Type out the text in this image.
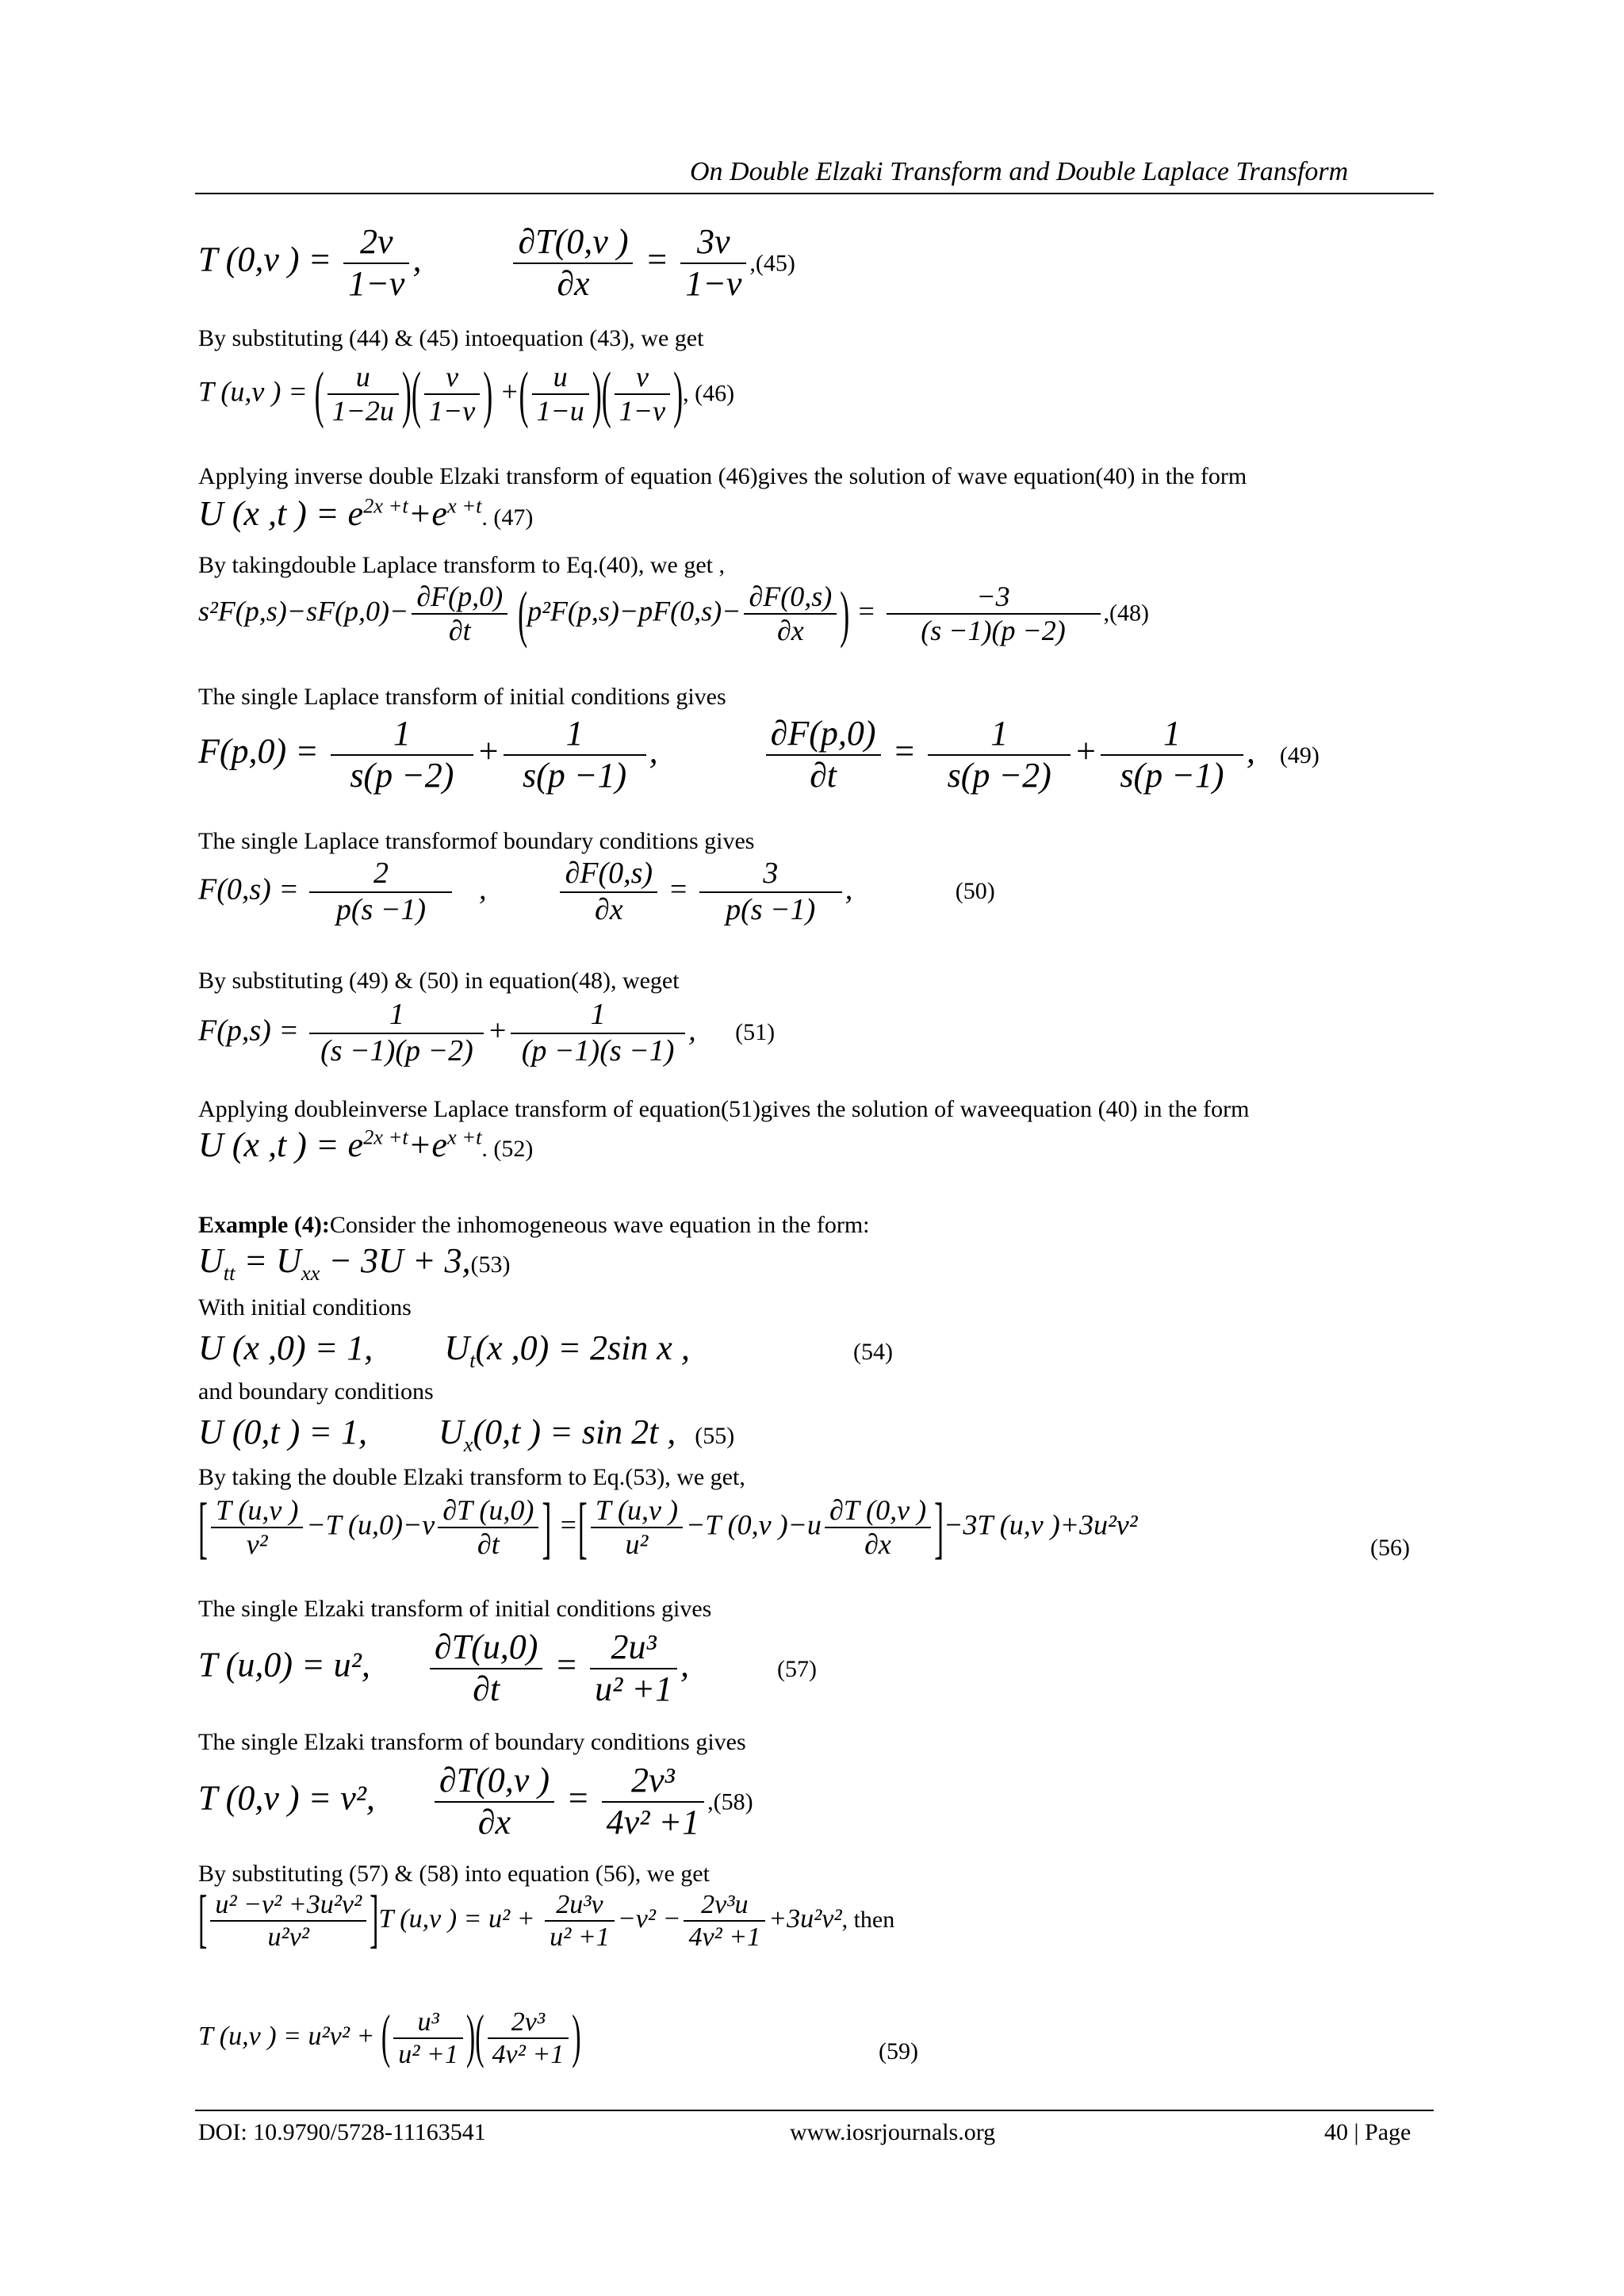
On Double Elzaki Transform and Double Laplace Transform
T (0,v ) = $\frac{2v}{1-v}$ , $\frac{\partial T(0,v )}{\partial x} = \frac{3v}{1-v} ,(45)$
By substituting (44) & (45) intoequation (43), we get
T (u,v ) = ( $\frac{u}{1-2u}$ )( $\frac{v}{1-v}$ ) +( $\frac{u}{1-u}$ )( $\frac{v}{1-v}$ ), (46)
Applying inverse double Elzaki transform of equation (46)gives the solution of wave equation(40) in the form
U (x ,t ) = $e^{2x +t}+e^{x +t}$. (47)
By takingdouble Laplace transform to Eq.(40), we get ,
$s^2F(p,s)-sF(p,0)- \frac{\partial F(p,0)}{\partial t} (p^2F(p,s)-pF(0,s)- \frac{\partial F(0,s)}{\partial x}$ ) = $\frac{-3}{(s -1)(p -2)} ,(48)$
The single Laplace transform of initial conditions gives
$F(p,0) = \frac{1}{s(p -2)} + \frac{1}{s(p -1)}$ ,	$\frac{\partial F(p,0)}{\partial t} = \frac{1}{s(p -2)} + \frac{1}{s(p -1)}$ , (49)
The single Laplace transformof boundary conditions gives
$F(0,s) = \frac{2}{p(s -1)}$ , $\frac{\partial F(0,s)}{\partial x} = \frac{3}{p(s -1)}$ ,	(50)
By substituting (49) & (50) in equation(48), weget
$F(p,s) = \frac{1}{(s -1)(p -2)} + \frac{1}{(p -1)(s -1)}$ , (51)
Applying doubleinverse Laplace transform of equation(51)gives the solution of waveequation (40) in the form
U (x ,t ) = $e^{2x +t}+e^{x +t}$. (52)
Example (4):Consider the inhomogeneous wave equation in the form:
$U_{tt} = U_{xx} - 3U + 3,(53)$
With initial conditions
U (x ,0) = 1, $U_t(x$ ,0) = 2sin x ,	(54)
and boundary conditions
U (0,t ) = 1, $U_x(0,t$ ) = sin 2t , (55)
By taking the double Elzaki transform to Eq.(53), we get,
[ $\frac{T (u,v )}{\text{v²}} -T$ $(u,0)-v \frac{\partial T (u,0)}{\partial t}$ ] =[ $\frac{T (u,v )}{\text{u²}} -T$ (0,v )$-u \frac{\partial T (0,v )}{\partial x} ]-3T$ (u,v )+3u²v²
(56)
The single Elzaki transform of initial conditions gives
T (u,0) = u², $\frac{\partial T(u,0)}{\partial t} = \frac{\text{2u³}}{\text{u² +1}}$ ,	(57)
The single Elzaki transform of boundary conditions gives
T (0,v ) = v², $\frac{\partial T(0,v )}{\partial x} = \frac{\text{2v³}}{\text{4v² +1}} ,(58)$
By substituting (57) & (58) into equation (56), we get
[ $\frac{\text{u² −v² +3u²v²}}{\text{u²v²}} ]T$ (u,v ) = $u^2 + \frac{\text{2u³v}}{\text{u² +1}} -v^2 - \frac{\text{2v³u}}{\text{4v² +1}} +3u^2v^2$, then
T (u,v ) = u²v² + ( $\frac{\text{u³}}{\text{u² +1}}$ )( $\frac{\text{2v³}}{\text{4v² +1}}$ )	(59)
DOI: 10.9790/5728-11163541	www.iosrjournals.org	40 | Page
